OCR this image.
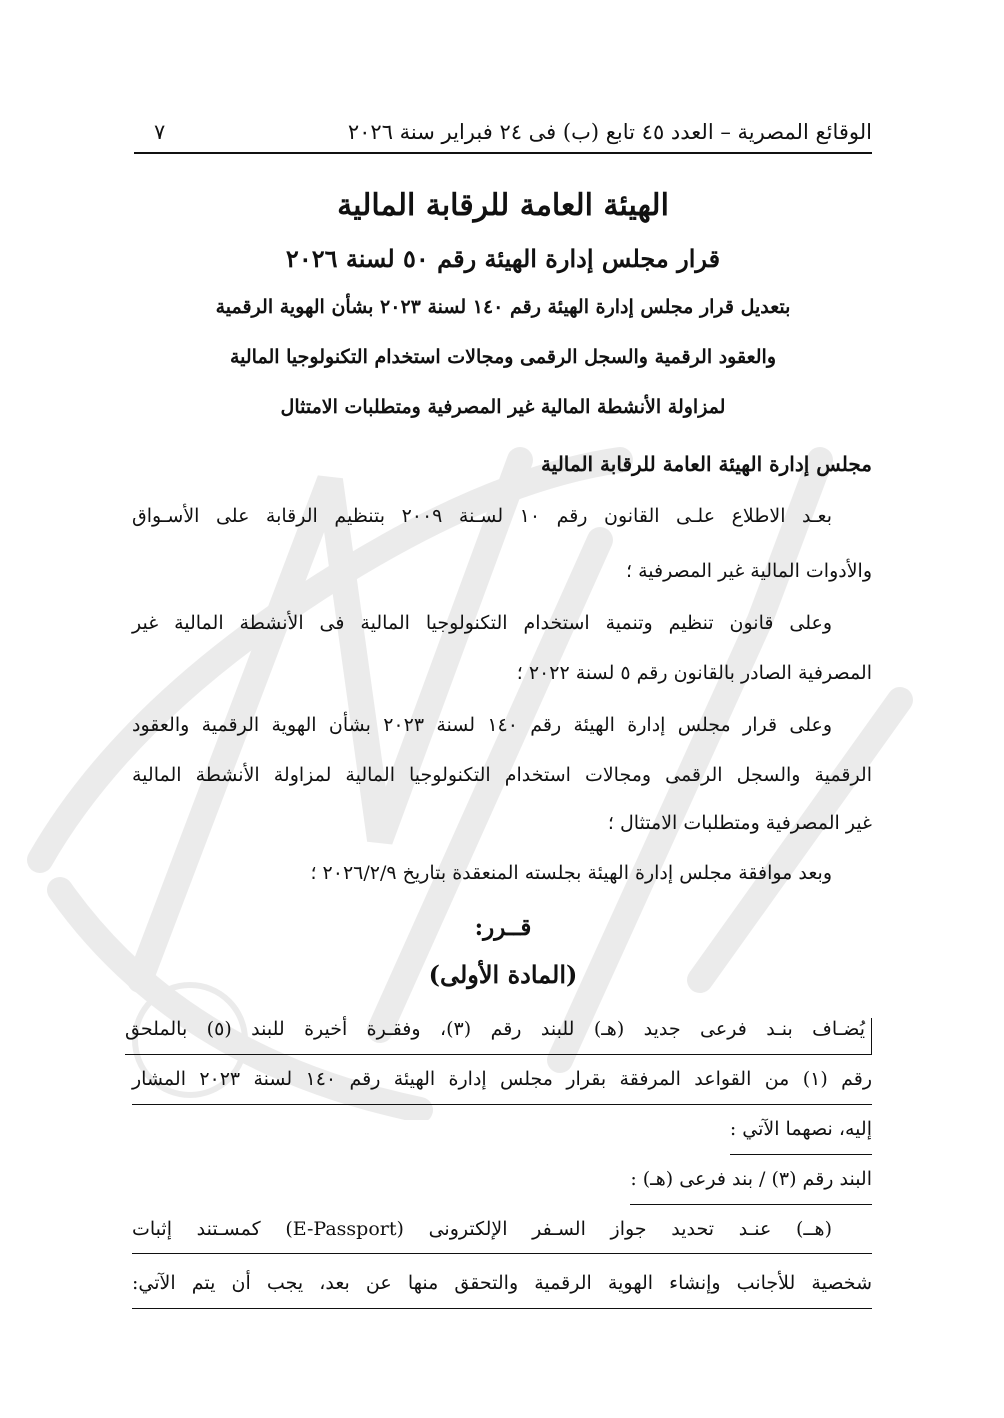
الوقائع المصرية – العدد ٤٥ تابع (ب) فى ٢٤ فبراير سنة ٢٠٢٦
٧
الهيئة العامة للرقابة المالية
قرار مجلس إدارة الهيئة رقم ٥٠ لسنة ٢٠٢٦
بتعديل قرار مجلس إدارة الهيئة رقم ١٤٠ لسنة ٢٠٢٣ بشأن الهوية الرقمية
والعقود الرقمية والسجل الرقمى ومجالات استخدام التكنولوجيا المالية
لمزاولة الأنشطة المالية غير المصرفية ومتطلبات الامتثال
مجلس إدارة الهيئة العامة للرقابة المالية
بعـد الاطلاع علـى القانون رقم ١٠ لسـنة ٢٠٠٩ بتنظيم الرقابة على الأسـواق
والأدوات المالية غير المصرفية ؛
وعلى قانون تنظيم وتنمية استخدام التكنولوجيا المالية فى الأنشطة المالية غير
المصرفية الصادر بالقانون رقم ٥ لسنة ٢٠٢٢ ؛
وعلى قرار مجلس إدارة الهيئة رقم ١٤٠ لسنة ٢٠٢٣ بشأن الهوية الرقمية والعقود
الرقمية والسجل الرقمى ومجالات استخدام التكنولوجيا المالية لمزاولة الأنشطة المالية
غير المصرفية ومتطلبات الامتثال ؛
وبعد موافقة مجلس إدارة الهيئة بجلسته المنعقدة بتاريخ ٢٠٢٦/٢/٩ ؛
قــرر:
(المادة الأولى)
يُضـاف بنـد فرعى جديد (هـ) للبند رقم (٣)، وفقـرة أخيرة للبند (٥) بالملحق
رقم (١) من القواعد المرفقة بقرار مجلس إدارة الهيئة رقم ١٤٠ لسنة ٢٠٢٣ المشار
إليه، نصهما الآتي :
البند رقم (٣) / بند فرعى (هـ) :
(هــ) عنـد تحديد جواز السـفر الإلكترونى (E-Passport) كمسـتند إثبات
شخصية للأجانب وإنشاء الهوية الرقمية والتحقق منها عن بعد، يجب أن يتم الآتي:
